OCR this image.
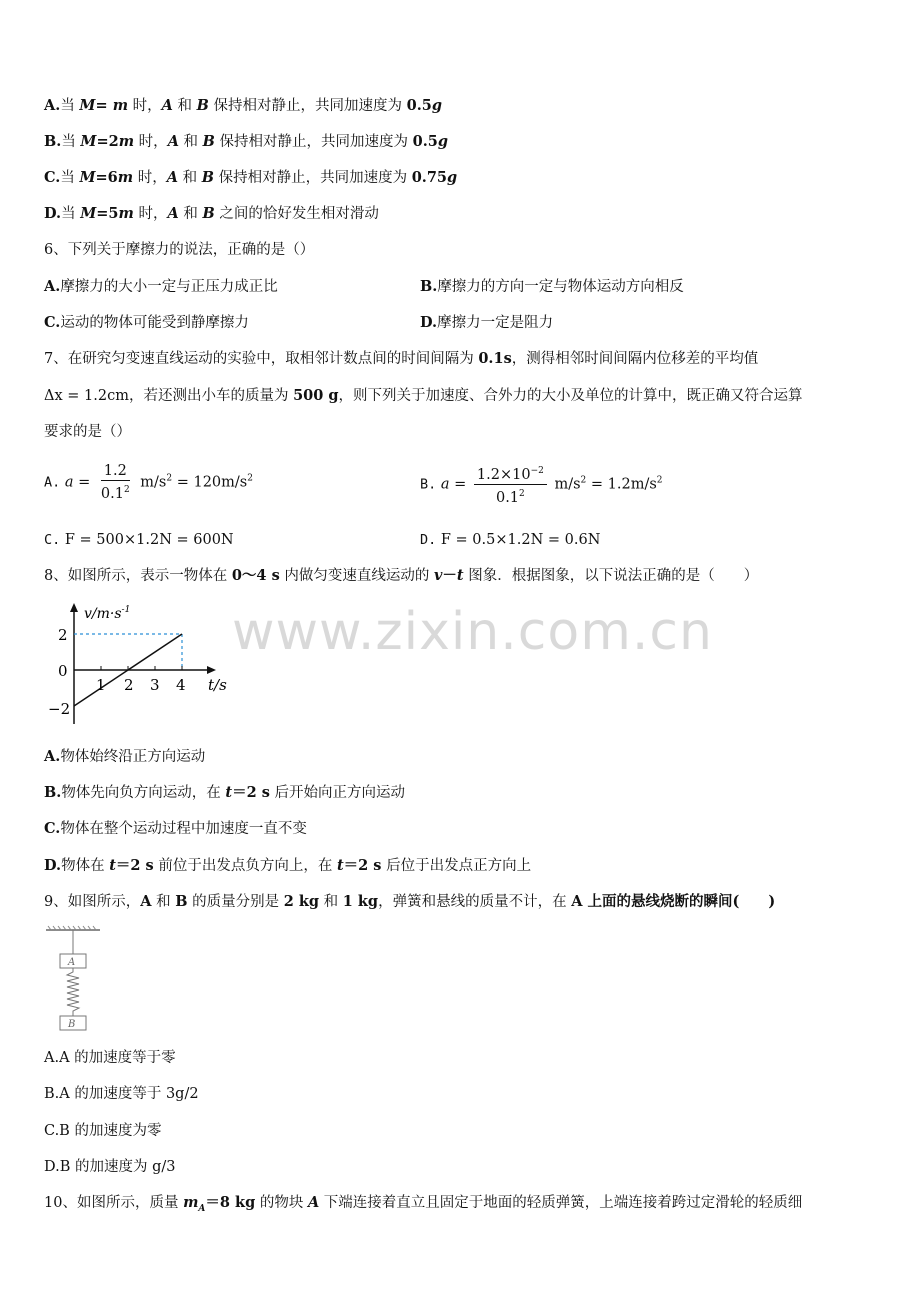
A.当 M= m 时，A 和 B 保持相对静止，共同加速度为 0.5g
B.当 M=2m 时，A 和 B 保持相对静止，共同加速度为 0.5g
C.当 M=6m 时，A 和 B 保持相对静止，共同加速度为 0.75g
D.当 M=5m 时，A 和 B 之间的恰好发生相对滑动
6、下列关于摩擦力的说法，正确的是（）
A.摩擦力的大小一定与正压力成正比	B.摩擦力的方向一定与物体运动方向相反
C.运动的物体可能受到静摩擦力	D.摩擦力一定是阻力
7、在研究匀变速直线运动的实验中，取相邻计数点间的时间间隔为 0.1s，测得相邻时间间隔内位移差的平均值
Δx = 1.2cm，若还测出小车的质量为 500 g，则下列关于加速度、合外力的大小及单位的计算中，既正确又符合运算
要求的是（）
A. $a = \frac{1.2}{0.1^2} m/s^2 = 120m/s^2$	B. $a = \frac{1.2\times 10^{-2}}{0.1^2} m/s^2 = 1.2m/s^2$
C. F = 500×1.2N = 600N	D. F = 0.5×1.2N = 0.6N
8、如图所示，表示一物体在 0～4 s 内做匀变速直线运动的 v－t 图象．根据图象，以下说法正确的是（　　）
$v/m\cdot s^{-1}$
2
0
−2
1 2 3 4 t/s
www.zixin.com.cn
A.物体始终沿正方向运动
B.物体先向负方向运动，在 t＝2 s 后开始向正方向运动
C.物体在整个运动过程中加速度一直不变
D.物体在 t＝2 s 前位于出发点负方向上，在 t＝2 s 后位于出发点正方向上
9、如图所示，A 和 B 的质量分别是 2 kg 和 1 kg，弹簧和悬线的质量不计，在 A 上面的悬线烧断的瞬间(　　)
A
B
A.A 的加速度等于零
B.A 的加速度等于 3g/2
C.B 的加速度为零
D.B 的加速度为 g/3
10、如图所示，质量 $m_A=8$ kg 的物块 A 下端连接着直立且固定于地面的轻质弹簧，上端连接着跨过定滑轮的轻质细
